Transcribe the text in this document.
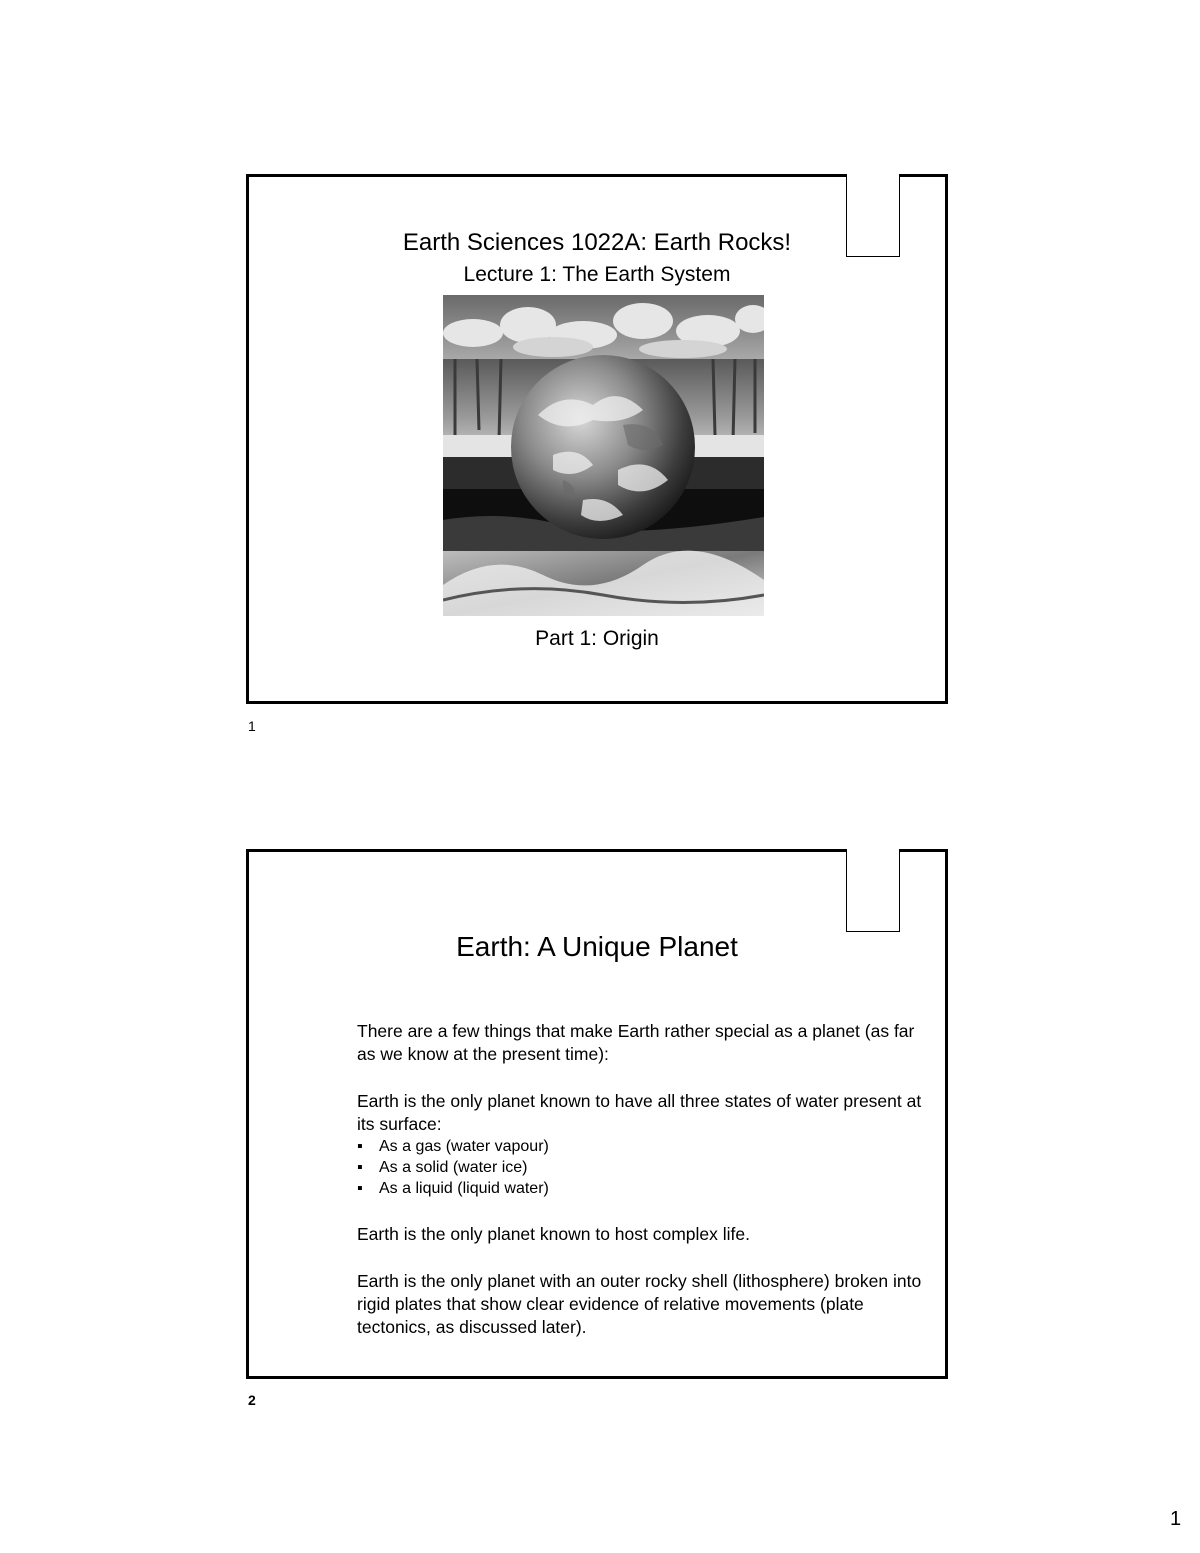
Earth Sciences 1022A: Earth Rocks!
Lecture 1: The Earth System
Part 1: Origin
1
Earth: A Unique Planet

There are a few things that make Earth rather special as a planet (as far as we know at the present time):

Earth is the only planet known to have all three states of water present at its surface:

▪ As a gas (water vapour)
▪ As a solid (water ice)
▪ As a liquid (liquid water)

Earth is the only planet known to host complex life.

Earth is the only planet with an outer rocky shell (lithosphere) broken into rigid plates that show clear evidence of relative movements (plate tectonics, as discussed later).

2
1
